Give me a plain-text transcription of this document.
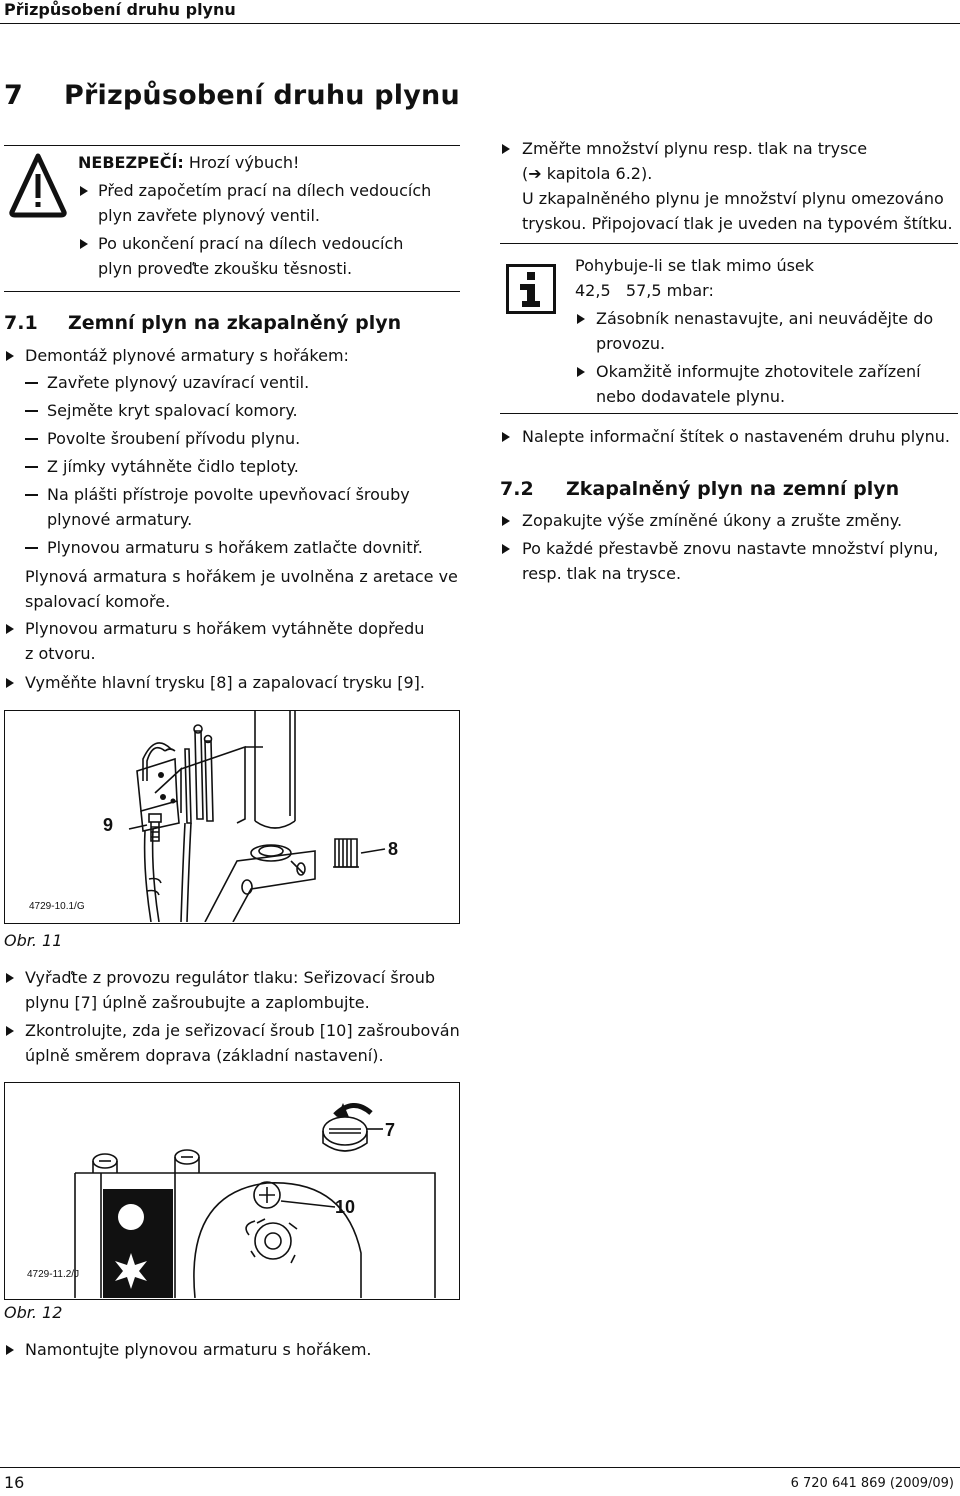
Přizpůsobení druhu plynu
7 Přizpůsobení druhu plynu
NEBEZPEČÍ: Hrozí výbuch!
Před započetím prací na dílech vedoucích
plyn zavřete plynový ventil.
Po ukončení prací na dílech vedoucích
plyn proveďte zkoušku těsnosti.
7.1 Zemní plyn na zkapalněný plyn
Demontáž plynové armatury s hořákem:
Zavřete plynový uzavírací ventil.
Sejměte kryt spalovací komory.
Povolte šroubení přívodu plynu.
Z jímky vytáhněte čidlo teploty.
Na plášti přístroje povolte upevňovací šrouby
plynové armatury.
Plynovou armaturu s hořákem zatlačte dovnitř.
Plynová armatura s hořákem je uvolněna z aretace ve
spalovací komoře.
Plynovou armaturu s hořákem vytáhněte dopředu
z otvoru.
Vyměňte hlavní trysku [8] a zapalovací trysku [9].
9
8
4729-10.1/G
Obr. 11
Vyřaďte z provozu regulátor tlaku: Seřizovací šroub
plynu [7] úplně zašroubujte a zaplombujte.
Zkontrolujte, zda je seřizovací šroub [10] zašroubován
úplně směrem doprava (základní nastavení).
7
10
4729-11.2/J
Obr. 12
Namontujte plynovou armaturu s hořákem.
Změřte množství plynu resp. tlak na trysce
(➔ kapitola 6.2).
U zkapalněného plynu je množství plynu omezováno
tryskou. Připojovací tlak je uveden na typovém štítku.
Pohybuje-li se tlak mimo úsek
42,5   57,5 mbar:
Zásobník nenastavujte, ani neuvádějte do
provozu.
Okamžitě informujte zhotovitele zařízení
nebo dodavatele plynu.
Nalepte informační štítek o nastaveném druhu plynu.
7.2 Zkapalněný plyn na zemní plyn
Zopakujte výše zmíněné úkony a zrušte změny.
Po každé přestavbě znovu nastavte množství plynu,
resp. tlak na trysce.
16	6 720 641 869 (2009/09)
